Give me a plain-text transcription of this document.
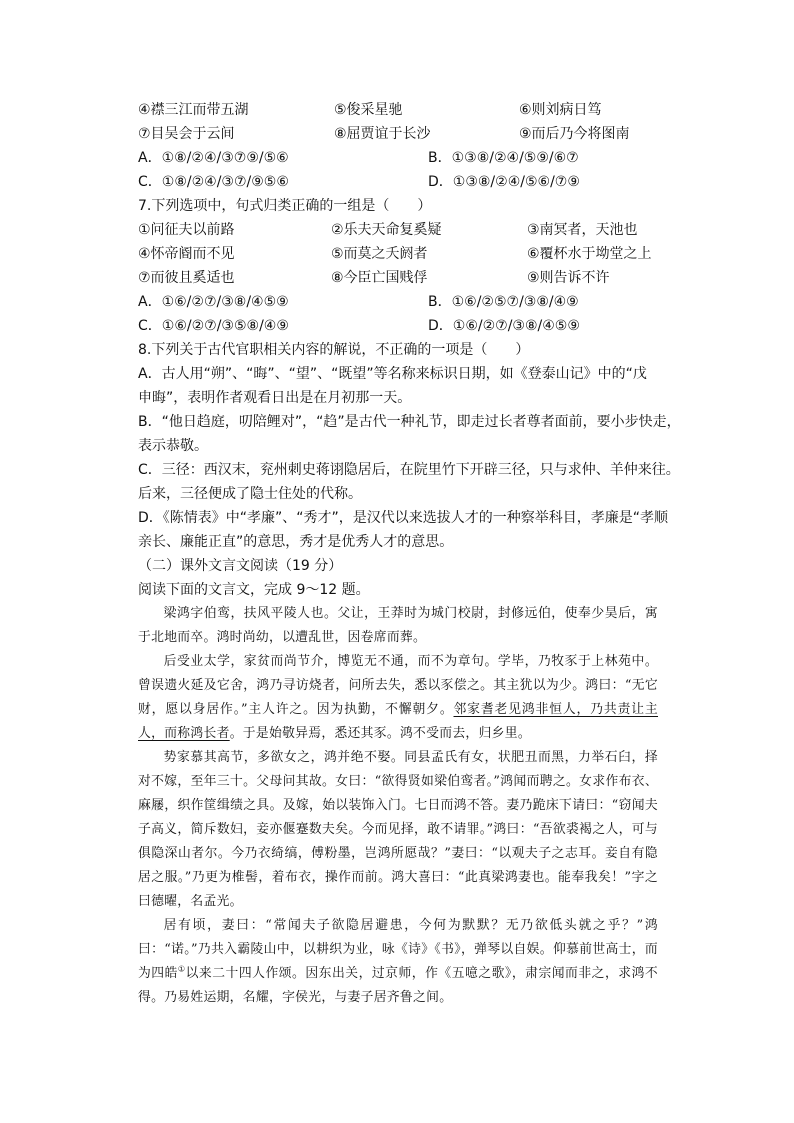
④襟三江而带五湖	⑤俊采星驰	⑥则刘病日笃
⑦目吴会于云间	⑧屈贾谊于长沙	⑨而后乃今将图南
A．①⑧/②④/③⑦⑨/⑤⑥	B．①③⑧/②④/⑤⑨/⑥⑦
C．①⑧/②④/③⑦/⑨⑤⑥	D．①③⑧/②④/⑤⑥/⑦⑨
7.下列选项中，句式归类正确的一组是（　　）
①问征夫以前路	②乐夫天命复奚疑	③南冥者，天池也
④怀帝阍而不见	⑤而莫之夭阏者	⑥覆杯水于坳堂之上
⑦而彼且奚适也	⑧今臣亡国贱俘	⑨则告诉不许
A．①⑥/②⑦/③⑧/④⑤⑨	B．①⑥/②⑤⑦/③⑧/④⑨
C．①⑥/②⑦/③⑤⑧/④⑨	D．①⑥/②⑦/③⑧/④⑤⑨
8.下列关于古代官职相关内容的解说，不正确的一项是（　　）
A．古人用“朔”、“晦”、“望”、“既望”等名称来标识日期，如《登泰山记》中的“戊
申晦”，表明作者观看日出是在月初那一天。
B．“他日趋庭，叨陪鲤对”，“趋”是古代一种礼节，即走过长者尊者面前，要小步快走，
表示恭敬。
C．三径：西汉末，兖州刺史蒋诩隐居后，在院里竹下开辟三径，只与求仲、羊仲来往。
后来，三径便成了隐士住处的代称。
D．《陈情表》中“孝廉”、“秀才”，是汉代以来选拔人才的一种察举科目，孝廉是“孝顺
亲长、廉能正直”的意思，秀才是优秀人才的意思。
（二）课外文言文阅读（19 分）
阅读下面的文言文，完成 9～12 题。
梁鸿字伯鸾，扶风平陵人也。父让，王莽时为城门校尉，封修远伯，使奉少昊后，寓于北地而卒。鸿时尚幼，以遭乱世，因卷席而葬。
后受业太学，家贫而尚节介，博览无不通，而不为章句。学毕，乃牧豕于上林苑中。曾误遗火延及它舍，鸿乃寻访烧者，问所去失，悉以豕偿之。其主犹以为少。鸿曰：“无它财，愿以身居作。”主人许之。因为执勤，不懈朝夕。邻家耆老见鸿非恒人，乃共责让主人，而称鸿长者。于是始敬异焉，悉还其豕。鸿不受而去，归乡里。
势家慕其高节，多欲女之，鸿并绝不娶。同县孟氏有女，状肥丑而黑，力举石臼，择对不嫁，至年三十。父母问其故。女曰：“欲得贤如梁伯鸾者。”鸿闻而聘之。女求作布衣、麻屦，织作筐缉绩之具。及嫁，始以装饰入门。七日而鸿不答。妻乃跪床下请曰：“窃闻夫子高义，简斥数妇，妾亦偃蹇数夫矣。今而见择，敢不请罪。”鸿曰：“吾欲裘褐之人，可与俱隐深山者尔。今乃衣绮缟，傅粉墨，岂鸿所愿哉？”妻曰：“以观夫子之志耳。妾自有隐居之服。”乃更为椎髻，着布衣，操作而前。鸿大喜曰：“此真梁鸿妻也。能奉我矣！”字之曰德曜，名孟光。
居有顷，妻曰：“常闻夫子欲隐居避患，今何为默默？无乃欲低头就之乎？”鸿曰：“诺。”乃共入霸陵山中，以耕织为业，咏《诗》《书》，弹琴以自娱。仰慕前世高士，而为四皓①以来二十四人作颂。因东出关，过京师，作《五噫之歌》，肃宗闻而非之，求鸿不得。乃易姓运期，名耀，字侯光，与妻子居齐鲁之间。
